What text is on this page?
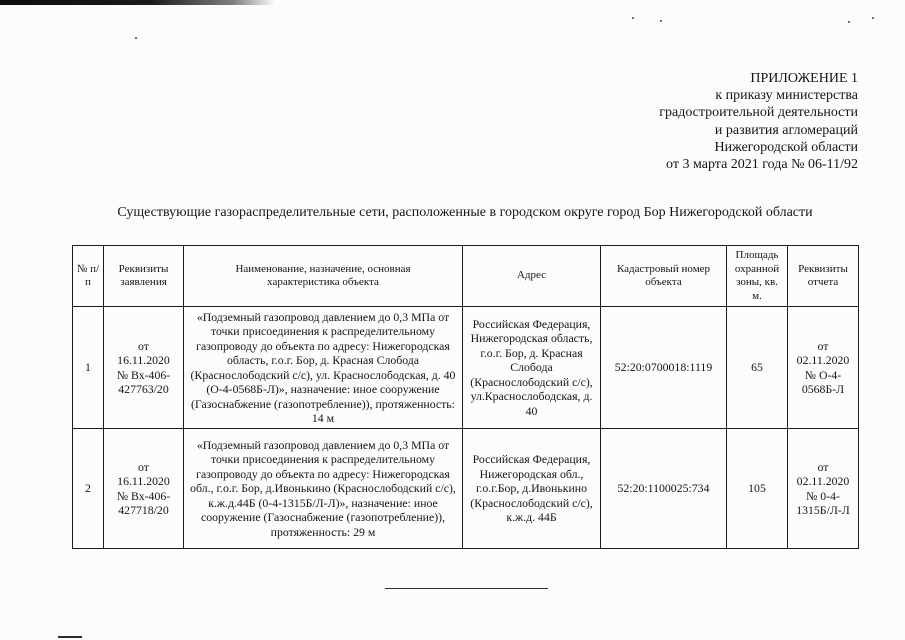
ПРИЛОЖЕНИЕ 1
к приказу министерства
градостроительной деятельности
и развития агломераций
Нижегородской области
от 3 марта 2021 года № 06-11/92
Существующие газораспределительные сети, расположенные в городском округе город Бор Нижегородской области
№ п/п	Реквизиты заявления	Наименование, назначение, основная характеристика объекта	Адрес	Кадастровый номер объекта	Площадь охранной зоны, кв. м.	Реквизиты отчета
1	от 16.11.2020 № Вх-406-427763/20	«Подземный газопровод давлением до 0,3 МПа от точки присоединения к распределительному газопроводу до объекта по адресу: Нижегородская область, г.о.г. Бор, д. Красная Слобода (Краснослободский с/с), ул. Краснослободская, д. 40 (О-4-0568Б-Л)», назначение: иное сооружение (Газоснабжение (газопотребление)), протяженность: 14 м	Российская Федерация, Нижегородская область, г.о.г. Бор, д. Красная Слобода (Краснослободский с/с), ул.Краснослободская, д. 40	52:20:0700018:1119	65	от 02.11.2020 № О-4-0568Б-Л
2	от 16.11.2020 № Вх-406-427718/20	«Подземный газопровод давлением до 0,3 МПа от точки присоединения к распределительному газопроводу до объекта по адресу: Нижегородская обл., г.о.г. Бор, д.Ивонькино (Краснослободский с/с), к.ж.д.44Б (0-4-1315Б/Л-Л)», назначение: иное сооружение (Газоснабжение (газопотребление)), протяженность: 29 м	Российская Федерация, Нижегородская обл., г.о.г.Бор, д.Ивонькино (Краснослободский с/с), к.ж.д. 44Б	52:20:1100025:734	105	от 02.11.2020 № 0-4-1315Б/Л-Л
